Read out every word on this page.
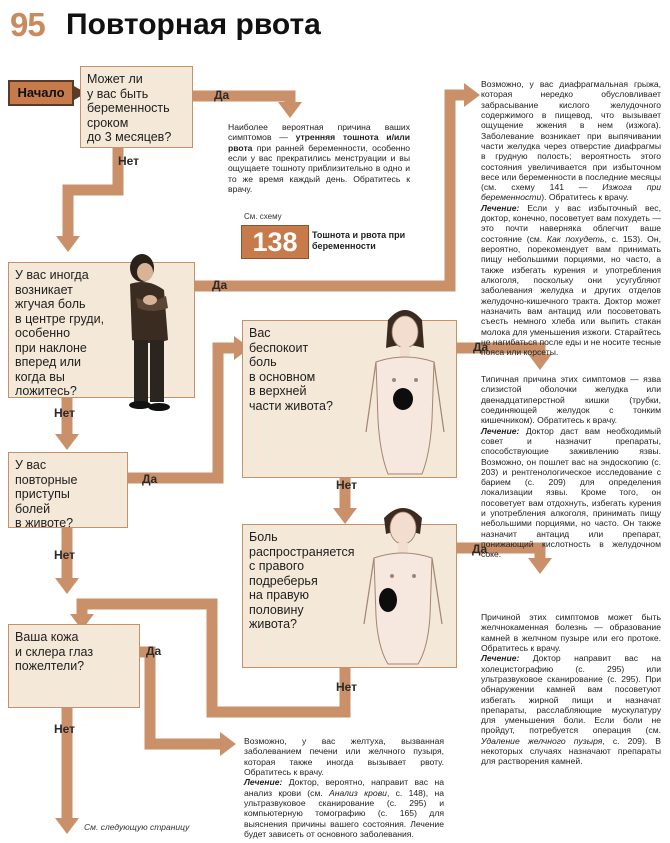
95 Повторная рвота
Начало
Может ли
у вас быть
беременность
сроком
до 3 месяцев?
У вас иногда
возникает
жгучая боль
в центре груди,
особенно
при наклоне
вперед или
когда вы
ложитесь?
У вас
повторные
приступы
болей
в животе?
Вас
беспокоит
боль
в основном
в верхней
части живота?
Боль
распространяется
с правого
подреберья
на правую
половину
живота?
Ваша кожа
и склера глаз
пожелтели?
Да
Нет
Да
Нет
Да
Нет
Да
Нет
Да
Нет
Да
Нет

Наиболее вероятная причина ваших симптомов — утренняя тошнота и/или рвота при ранней беременности, особенно если у вас прекратились менструации и вы ощущаете тошноту приблизительно в одно и то же время каждый день. Обратитесь к врачу.

См. схему
138	Тошнота и рвота при беременности

Возможно, у вас диафрагмальная грыжа, которая нередко обусловливает забрасывание кислого желудочного содержимого в пищевод, что вызывает ощущение жжения в нем (изжога). Заболевание возникает при выпячивании части желудка через отверстие диафрагмы в грудную полость; вероятность этого состояния увеличивается при избыточном весе или беременности в последние месяцы (см. схему 141 — Изжога при беременности). Обратитесь к врачу.

Лечение: Если у вас избыточный вес, доктор, конечно, посоветует вам похудеть — это почти наверняка облегчит ваше состояние (см. Как похудеть, с. 153). Он, вероятно, порекомендует вам принимать пищу небольшими порциями, но часто, а также избегать курения и употребления алкоголя, поскольку они усугубляют заболевания желудка и других отделов желудочно-кишечного тракта. Доктор может назначить вам антацид или посоветовать съесть немного хлеба или выпить стакан молока для уменьшения изжоги. Старайтесь не нагибаться после еды и не носите тесные пояса или корсеты.

Типичная причина этих симптомов — язва слизистой оболочки желудка или двенадцатиперстной кишки (трубки, соединяющей желудок с тонким кишечником). Обратитесь к врачу.

Лечение: Доктор даст вам необходимый совет и назначит препараты, способствующие заживлению язвы. Возможно, он пошлет вас на эндоскопию (с. 203) и рентгенологическое исследование с барием (с. 209) для определения локализации язвы. Кроме того, он посоветует вам отдохнуть, избегать курения и употребления алкоголя, принимать пищу небольшими порциями, но часто. Он также назначит антацид или препарат, понижающий кислотность в желудочном соке.

Причиной этих симптомов может быть желчнокаменная болезнь — образование камней в желчном пузыре или его протоке. Обратитесь к врачу.

Лечение: Доктор направит вас на холецистографию (с. 295) или ультразвуковое сканирование (с. 295). При обнаружении камней вам посоветуют избегать жирной пищи и назначат препараты, расслабляющие мускулатуру для уменьшения боли. Если боли не пройдут, потребуется операция (см. Удаление желчного пузыря, с. 209). В некоторых случаях назначают препараты для растворения камней.

Возможно, у вас желтуха, вызванная заболеванием печени или желчного пузыря, которая также иногда вызывает рвоту. Обратитесь к врачу.

Лечение: Доктор, вероятно, направит вас на анализ крови (см. Анализ крови, с. 148), на ультразвуковое сканирование (с. 295) и компьютерную томографию (с. 165) для выяснения причины вашего состояния. Лечение будет зависеть от основного заболевания.

См. следующую страницу
